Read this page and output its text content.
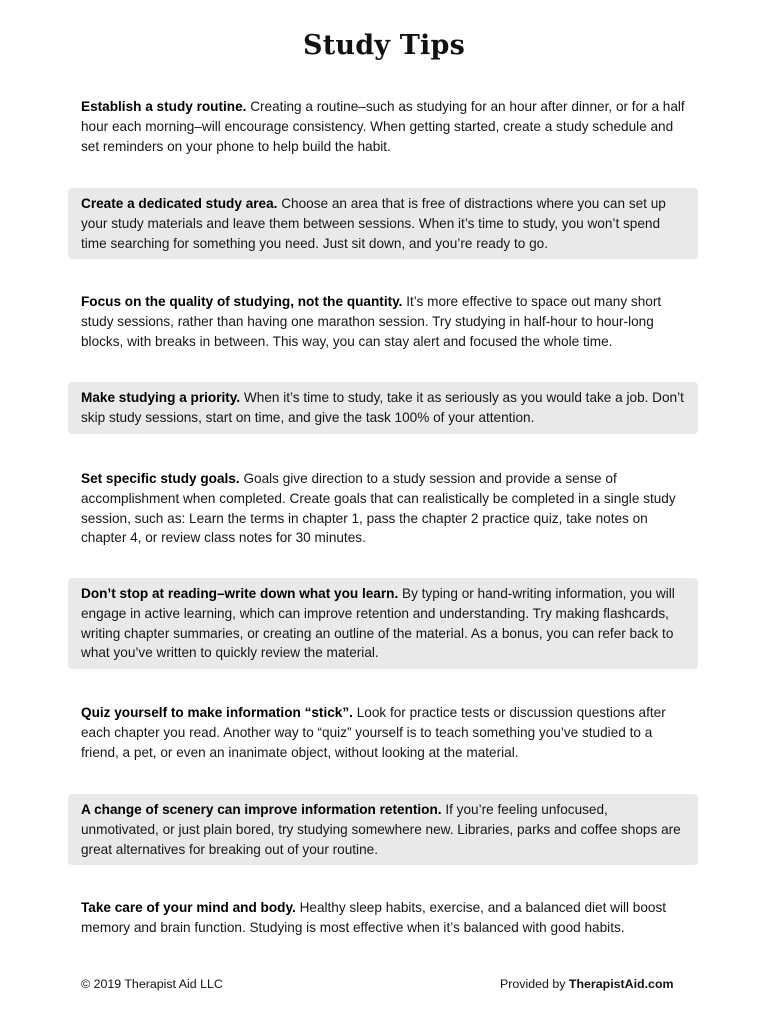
Study Tips
Establish a study routine. Creating a routine–such as studying for an hour after dinner, or for a half hour each morning–will encourage consistency. When getting started, create a study schedule and set reminders on your phone to help build the habit.
Create a dedicated study area. Choose an area that is free of distractions where you can set up your study materials and leave them between sessions. When it’s time to study, you won’t spend time searching for something you need. Just sit down, and you’re ready to go.
Focus on the quality of studying, not the quantity. It’s more effective to space out many short study sessions, rather than having one marathon session. Try studying in half-hour to hour-long blocks, with breaks in between. This way, you can stay alert and focused the whole time.
Make studying a priority. When it’s time to study, take it as seriously as you would take a job. Don’t skip study sessions, start on time, and give the task 100% of your attention.
Set specific study goals. Goals give direction to a study session and provide a sense of accomplishment when completed. Create goals that can realistically be completed in a single study session, such as: Learn the terms in chapter 1, pass the chapter 2 practice quiz, take notes on chapter 4, or review class notes for 30 minutes.
Don’t stop at reading–write down what you learn. By typing or hand-writing information, you will engage in active learning, which can improve retention and understanding. Try making flashcards, writing chapter summaries, or creating an outline of the material. As a bonus, you can refer back to what you’ve written to quickly review the material.
Quiz yourself to make information “stick”. Look for practice tests or discussion questions after each chapter you read. Another way to “quiz” yourself is to teach something you’ve studied to a friend, a pet, or even an inanimate object, without looking at the material.
A change of scenery can improve information retention. If you’re feeling unfocused, unmotivated, or just plain bored, try studying somewhere new. Libraries, parks and coffee shops are great alternatives for breaking out of your routine.
Take care of your mind and body. Healthy sleep habits, exercise, and a balanced diet will boost memory and brain function. Studying is most effective when it’s balanced with good habits.
© 2019 Therapist Aid LLC	Provided by TherapistAid.com
